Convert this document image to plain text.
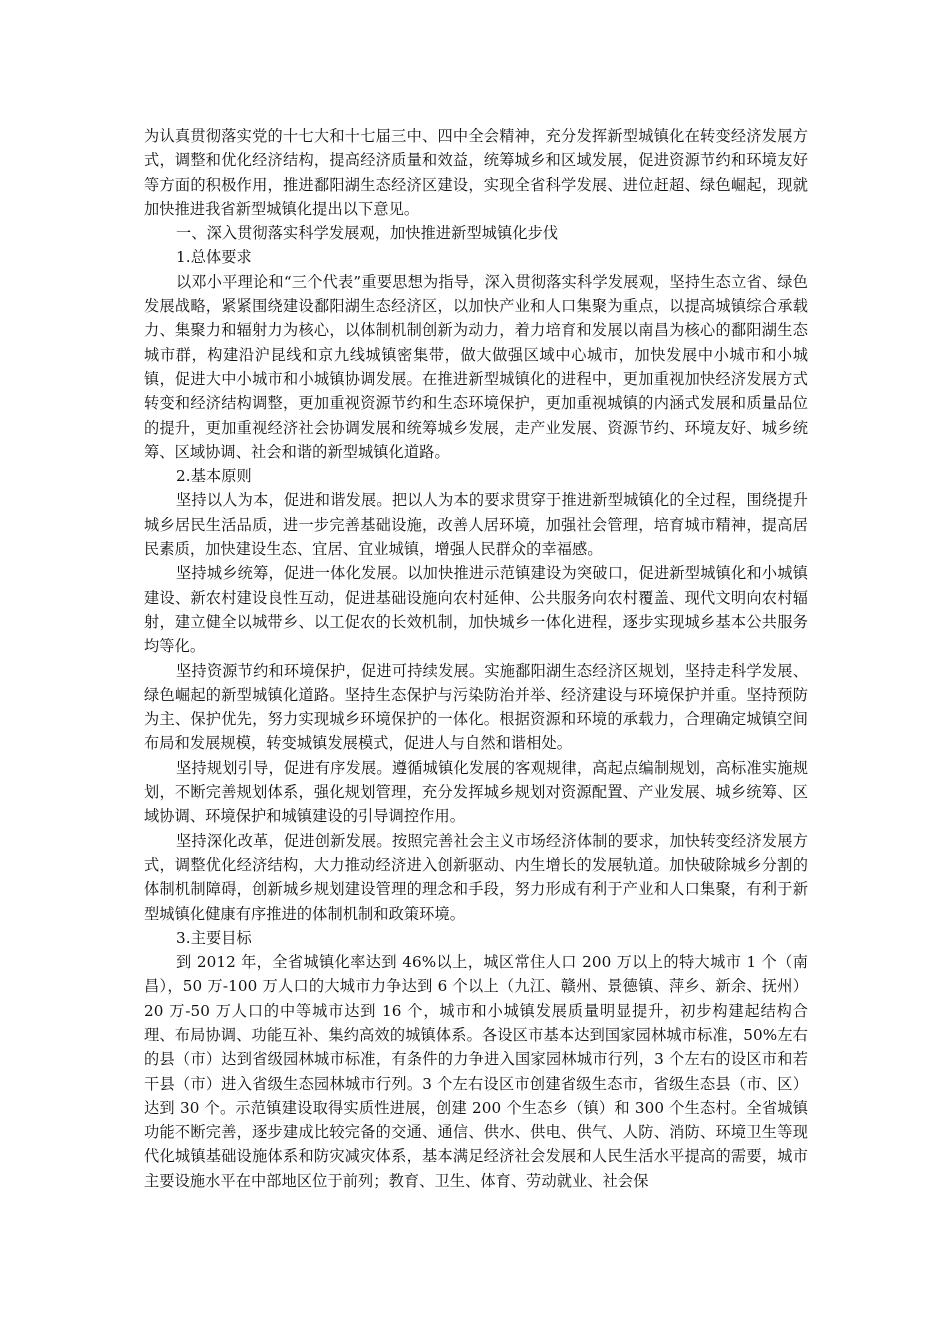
为认真贯彻落实党的十七大和十七届三中、四中全会精神，充分发挥新型城镇化在转变经济发展方式，调整和优化经济结构，提高经济质量和效益，统筹城乡和区域发展，促进资源节约和环境友好等方面的积极作用，推进鄱阳湖生态经济区建设，实现全省科学发展、进位赶超、绿色崛起，现就加快推进我省新型城镇化提出以下意见。

一、深入贯彻落实科学发展观，加快推进新型城镇化步伐

1.总体要求

以邓小平理论和“三个代表”重要思想为指导，深入贯彻落实科学发展观，坚持生态立省、绿色发展战略，紧紧围绕建设鄱阳湖生态经济区，以加快产业和人口集聚为重点，以提高城镇综合承载力、集聚力和辐射力为核心，以体制机制创新为动力，着力培育和发展以南昌为核心的鄱阳湖生态城市群，构建沿沪昆线和京九线城镇密集带，做大做强区域中心城市，加快发展中小城市和小城镇，促进大中小城市和小城镇协调发展。在推进新型城镇化的进程中，更加重视加快经济发展方式转变和经济结构调整，更加重视资源节约和生态环境保护，更加重视城镇的内涵式发展和质量品位的提升，更加重视经济社会协调发展和统筹城乡发展，走产业发展、资源节约、环境友好、城乡统筹、区域协调、社会和谐的新型城镇化道路。

2.基本原则

坚持以人为本，促进和谐发展。把以人为本的要求贯穿于推进新型城镇化的全过程，围绕提升城乡居民生活品质，进一步完善基础设施，改善人居环境，加强社会管理，培育城市精神，提高居民素质，加快建设生态、宜居、宜业城镇，增强人民群众的幸福感。

坚持城乡统筹，促进一体化发展。以加快推进示范镇建设为突破口，促进新型城镇化和小城镇建设、新农村建设良性互动，促进基础设施向农村延伸、公共服务向农村覆盖、现代文明向农村辐射，建立健全以城带乡、以工促农的长效机制，加快城乡一体化进程，逐步实现城乡基本公共服务均等化。

坚持资源节约和环境保护，促进可持续发展。实施鄱阳湖生态经济区规划，坚持走科学发展、绿色崛起的新型城镇化道路。坚持生态保护与污染防治并举、经济建设与环境保护并重。坚持预防为主、保护优先，努力实现城乡环境保护的一体化。根据资源和环境的承载力，合理确定城镇空间布局和发展规模，转变城镇发展模式，促进人与自然和谐相处。

坚持规划引导，促进有序发展。遵循城镇化发展的客观规律，高起点编制规划，高标准实施规划，不断完善规划体系，强化规划管理，充分发挥城乡规划对资源配置、产业发展、城乡统筹、区域协调、环境保护和城镇建设的引导调控作用。

坚持深化改革，促进创新发展。按照完善社会主义市场经济体制的要求，加快转变经济发展方式，调整优化经济结构，大力推动经济进入创新驱动、内生增长的发展轨道。加快破除城乡分割的体制机制障碍，创新城乡规划建设管理的理念和手段，努力形成有利于产业和人口集聚，有利于新型城镇化健康有序推进的体制机制和政策环境。

3.主要目标

到 2012 年，全省城镇化率达到 46%以上，城区常住人口 200 万以上的特大城市 1 个（南昌），50 万-100 万人口的大城市力争达到 6 个以上（九江、赣州、景德镇、萍乡、新余、抚州）20 万-50 万人口的中等城市达到 16 个，城市和小城镇发展质量明显提升，初步构建起结构合理、布局协调、功能互补、集约高效的城镇体系。各设区市基本达到国家园林城市标准，50%左右的县（市）达到省级园林城市标准，有条件的力争进入国家园林城市行列，3 个左右的设区市和若干县（市）进入省级生态园林城市行列。3 个左右设区市创建省级生态市，省级生态县（市、区）达到 30 个。示范镇建设取得实质性进展，创建 200 个生态乡（镇）和 300 个生态村。全省城镇功能不断完善，逐步建成比较完备的交通、通信、供水、供电、供气、人防、消防、环境卫生等现代化城镇基础设施体系和防灾减灾体系，基本满足经济社会发展和人民生活水平提高的需要，城市主要设施水平在中部地区位于前列；教育、卫生、体育、劳动就业、社会保
